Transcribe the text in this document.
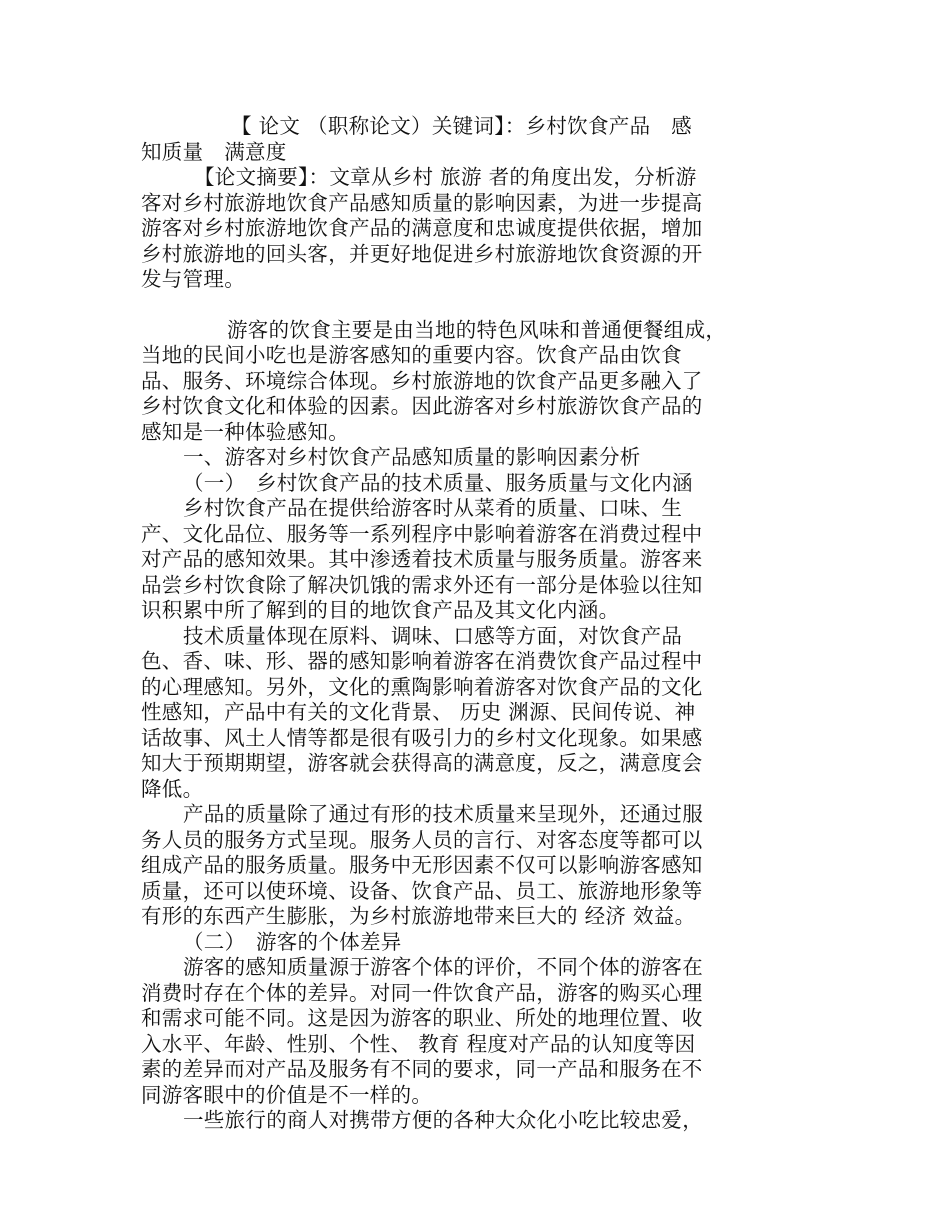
【 论文 （职称论文）关键词】：乡村饮食产品　感
知质量　满意度
【论文摘要】：文章从乡村 旅游 者的角度出发，分析游
客对乡村旅游地饮食产品感知质量的影响因素，为进一步提高
游客对乡村旅游地饮食产品的满意度和忠诚度提供依据，增加
乡村旅游地的回头客，并更好地促进乡村旅游地饮食资源的开
发与管理。
游客的饮食主要是由当地的特色风味和普通便餐组成，
当地的民间小吃也是游客感知的重要内容。饮食产品由饮食
品、服务、环境综合体现。乡村旅游地的饮食产品更多融入了
乡村饮食文化和体验的因素。因此游客对乡村旅游饮食产品的
感知是一种体验感知。
一、游客对乡村饮食产品感知质量的影响因素分析
（一）　乡村饮食产品的技术质量、服务质量与文化内涵
乡村饮食产品在提供给游客时从菜肴的质量、口味、生
产、文化品位、服务等一系列程序中影响着游客在消费过程中
对产品的感知效果。其中渗透着技术质量与服务质量。游客来
品尝乡村饮食除了解决饥饿的需求外还有一部分是体验以往知
识积累中所了解到的目的地饮食产品及其文化内涵。
技术质量体现在原料、调味、口感等方面，对饮食产品
色、香、味、形、器的感知影响着游客在消费饮食产品过程中
的心理感知。另外，文化的熏陶影响着游客对饮食产品的文化
性感知，产品中有关的文化背景、 历史 渊源、民间传说、神
话故事、风土人情等都是很有吸引力的乡村文化现象。如果感
知大于预期期望，游客就会获得高的满意度，反之，满意度会
降低。
产品的质量除了通过有形的技术质量来呈现外，还通过服
务人员的服务方式呈现。服务人员的言行、对客态度等都可以
组成产品的服务质量。服务中无形因素不仅可以影响游客感知
质量，还可以使环境、设备、饮食产品、员工、旅游地形象等
有形的东西产生膨胀，为乡村旅游地带来巨大的 经济 效益。
（二）　游客的个体差异
游客的感知质量源于游客个体的评价，不同个体的游客在
消费时存在个体的差异。对同一件饮食产品，游客的购买心理
和需求可能不同。这是因为游客的职业、所处的地理位置、收
入水平、年龄、性别、个性、 教育 程度对产品的认知度等因
素的差异而对产品及服务有不同的要求，同一产品和服务在不
同游客眼中的价值是不一样的。
一些旅行的商人对携带方便的各种大众化小吃比较忠爱，
